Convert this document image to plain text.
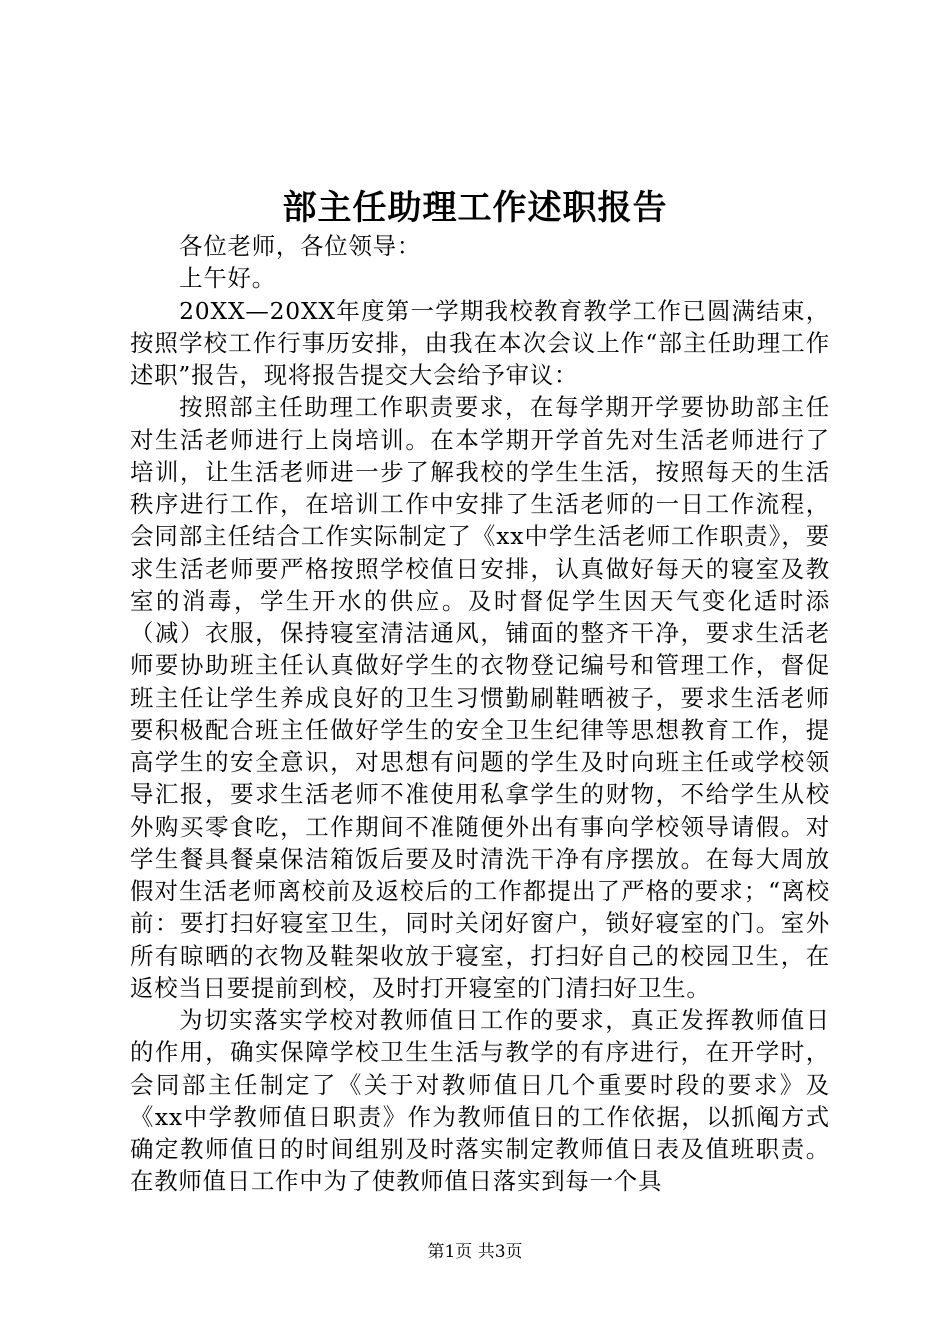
部主任助理工作述职报告

各位老师，各位领导：

上午好。

20XX—20XX年度第一学期我校教育教学工作已圆满结束，按照学校工作行事历安排，由我在本次会议上作“部主任助理工作述职”报告，现将报告提交大会给予审议：

按照部主任助理工作职责要求，在每学期开学要协助部主任对生活老师进行上岗培训。在本学期开学首先对生活老师进行了培训，让生活老师进一步了解我校的学生生活，按照每天的生活秩序进行工作，在培训工作中安排了生活老师的一日工作流程，会同部主任结合工作实际制定了《xx中学生活老师工作职责》，要求生活老师要严格按照学校值日安排，认真做好每天的寝室及教室的消毒，学生开水的供应。及时督促学生因天气变化适时添（减）衣服，保持寝室清洁通风，铺面的整齐干净，要求生活老师要协助班主任认真做好学生的衣物登记编号和管理工作，督促班主任让学生养成良好的卫生习惯勤刷鞋晒被子，要求生活老师要积极配合班主任做好学生的安全卫生纪律等思想教育工作，提高学生的安全意识，对思想有问题的学生及时向班主任或学校领导汇报，要求生活老师不准使用私拿学生的财物，不给学生从校外购买零食吃，工作期间不准随便外出有事向学校领导请假。对学生餐具餐桌保洁箱饭后要及时清洗干净有序摆放。在每大周放假对生活老师离校前及返校后的工作都提出了严格的要求；“离校前：要打扫好寝室卫生，同时关闭好窗户，锁好寝室的门。室外所有晾晒的衣物及鞋架收放于寝室，打扫好自己的校园卫生，在返校当日要提前到校，及时打开寝室的门清扫好卫生。

为切实落实学校对教师值日工作的要求，真正发挥教师值日的作用，确实保障学校卫生生活与教学的有序进行，在开学时，会同部主任制定了《关于对教师值日几个重要时段的要求》及《xx中学教师值日职责》作为教师值日的工作依据，以抓阄方式确定教师值日的时间组别及时落实制定教师值日表及值班职责。在教师值日工作中为了使教师值日落实到每一个具

第1页 共3页
